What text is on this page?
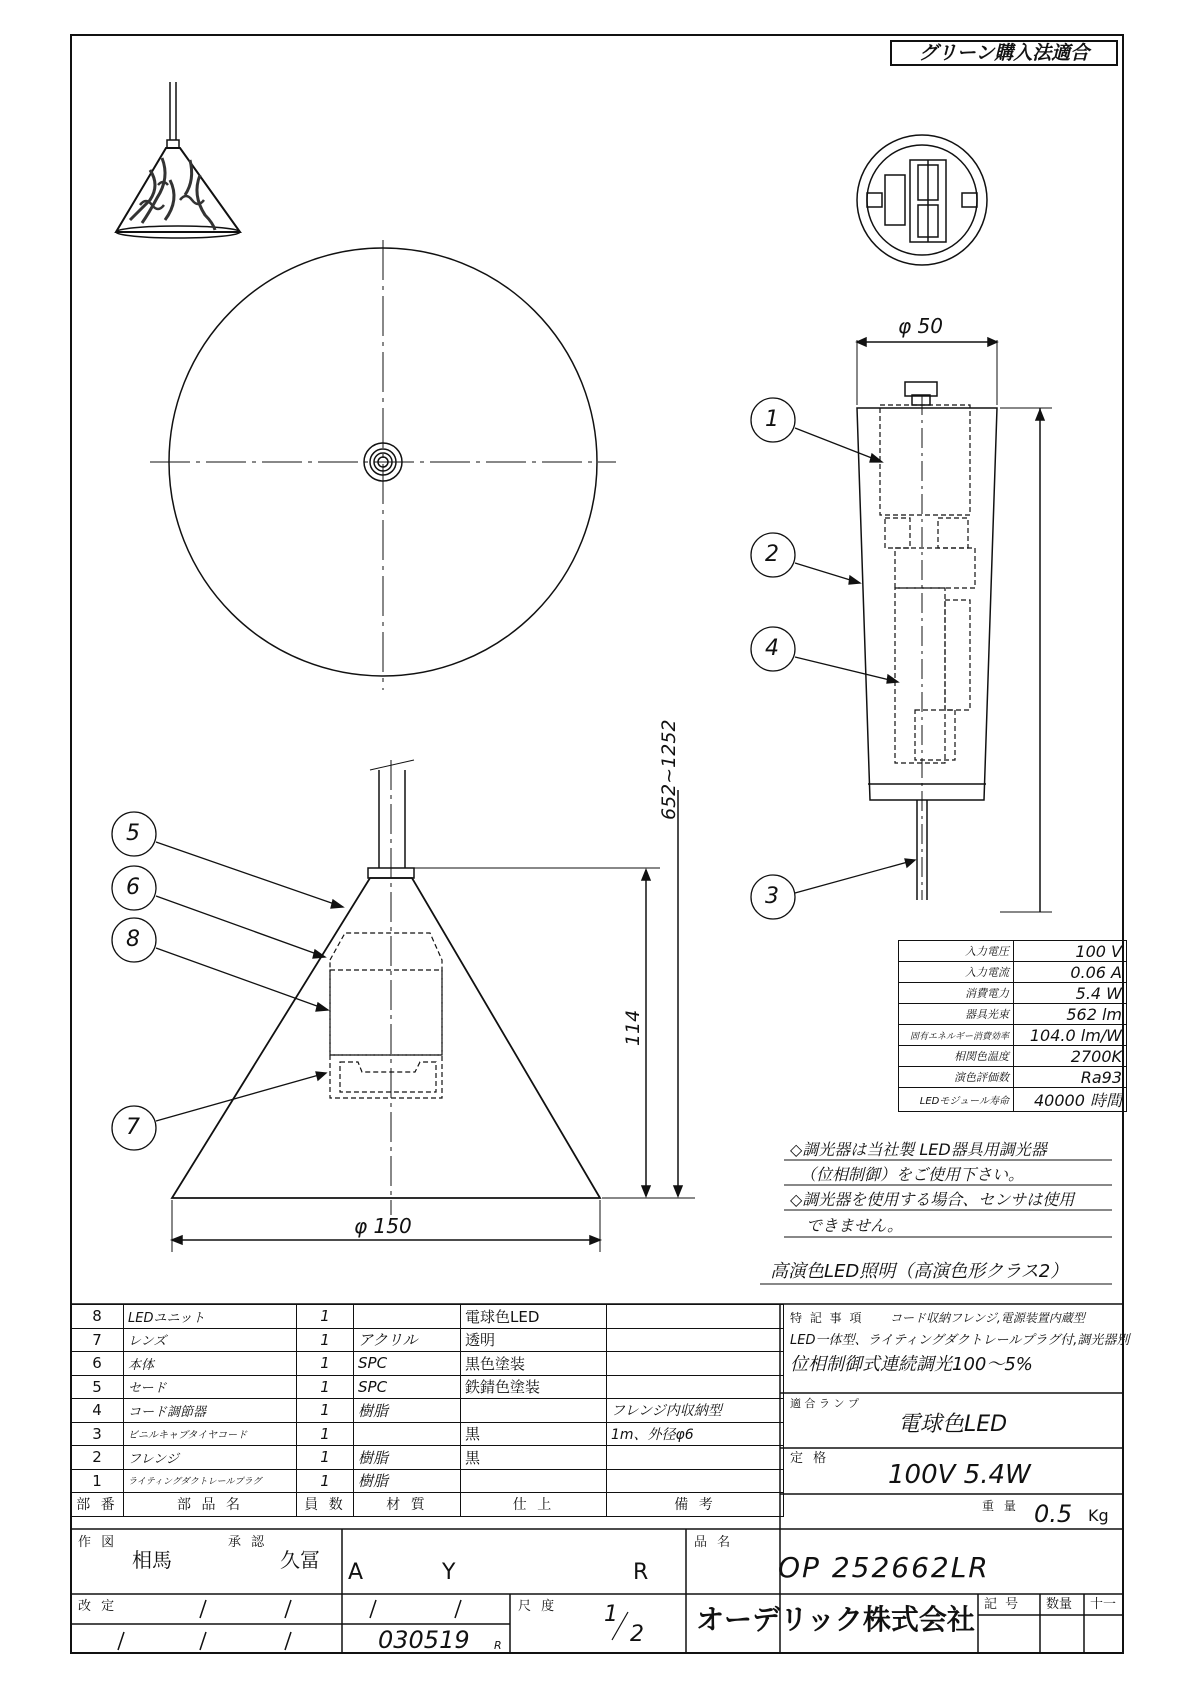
グリーン購入法適合
φ 50
652~1252
114
φ 150
1
2
4
3
5
6
8
7
入力電圧	100 V
入力電流	0.06 A
消費電力	5.4 W
器具光束	562 lm
固有エネルギー消費効率	104.0 lm/W
相関色温度	2700K
演色評価数	Ra93
LEDモジュール寿命	40000 時間
◇調光器は当社製 LED器具用調光器
（位相制御）をご使用下さい。
◇調光器を使用する場合、センサは使用
できません。
高演色LED照明（高演色形クラス2）
8	LEDユニット	1		電球色LED	
7	レンズ	1	アクリル	透明	
6	本体	1	SPC	黒色塗装	
5	セード	1	SPC	鉄錆色塗装	
4	コード調節器	1	樹脂		フレンジ内収納型
3	ビニルキャブタイヤコード	1		黒	1m、外径φ6
2	フレンジ	1	樹脂	黒	
1	ライティングダクトレールプラグ	1	樹脂		
部 番	部 品 名	員 数	材 質	仕 上	備 考
特 記 事 項 コード収納フレンジ,電源装置内蔵型
LED一体型、ライティングダクトレールプラグ付,調光器別
位相制御式連続調光100～5%
適 合 ラ ン プ
電球色LED
定 格
100V 5.4W
重 量 0.5 Kg
作 図
相馬
承 認
久冨 A	Y	R
品 名
OP 252662LR
改 定	尺 度 1
2
030519 R
オーデリック株式会社 記 号 数量 十一
